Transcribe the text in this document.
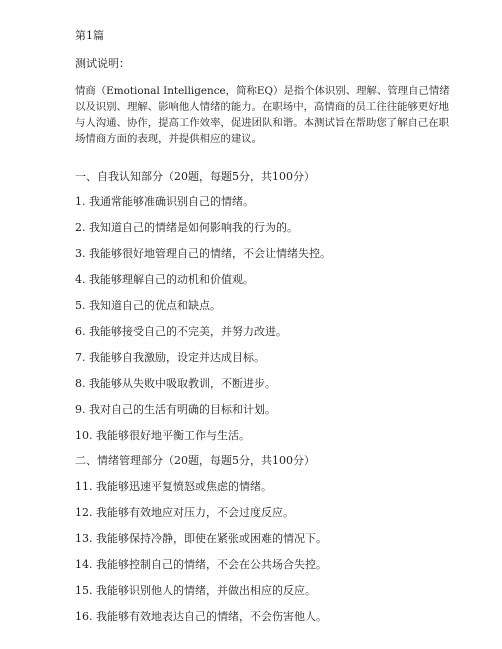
第1篇
测试说明：
情商（Emotional Intelligence，简称EQ）是指个体识别、理解、管理自己情绪
以及识别、理解、影响他人情绪的能力。在职场中，高情商的员工往往能够更好地
与人沟通、协作，提高工作效率，促进团队和谐。本测试旨在帮助您了解自己在职
场情商方面的表现，并提供相应的建议。
一、自我认知部分（20题，每题5分，共100分）
1. 我通常能够准确识别自己的情绪。
2. 我知道自己的情绪是如何影响我的行为的。
3. 我能够很好地管理自己的情绪，不会让情绪失控。
4. 我能够理解自己的动机和价值观。
5. 我知道自己的优点和缺点。
6. 我能够接受自己的不完美，并努力改进。
7. 我能够自我激励，设定并达成目标。
8. 我能够从失败中吸取教训，不断进步。
9. 我对自己的生活有明确的目标和计划。
10. 我能够很好地平衡工作与生活。
二、情绪管理部分（20题，每题5分，共100分）
11. 我能够迅速平复愤怒或焦虑的情绪。
12. 我能够有效地应对压力，不会过度反应。
13. 我能够保持冷静，即使在紧张或困难的情况下。
14. 我能够控制自己的情绪，不会在公共场合失控。
15. 我能够识别他人的情绪，并做出相应的反应。
16. 我能够有效地表达自己的情绪，不会伤害他人。
